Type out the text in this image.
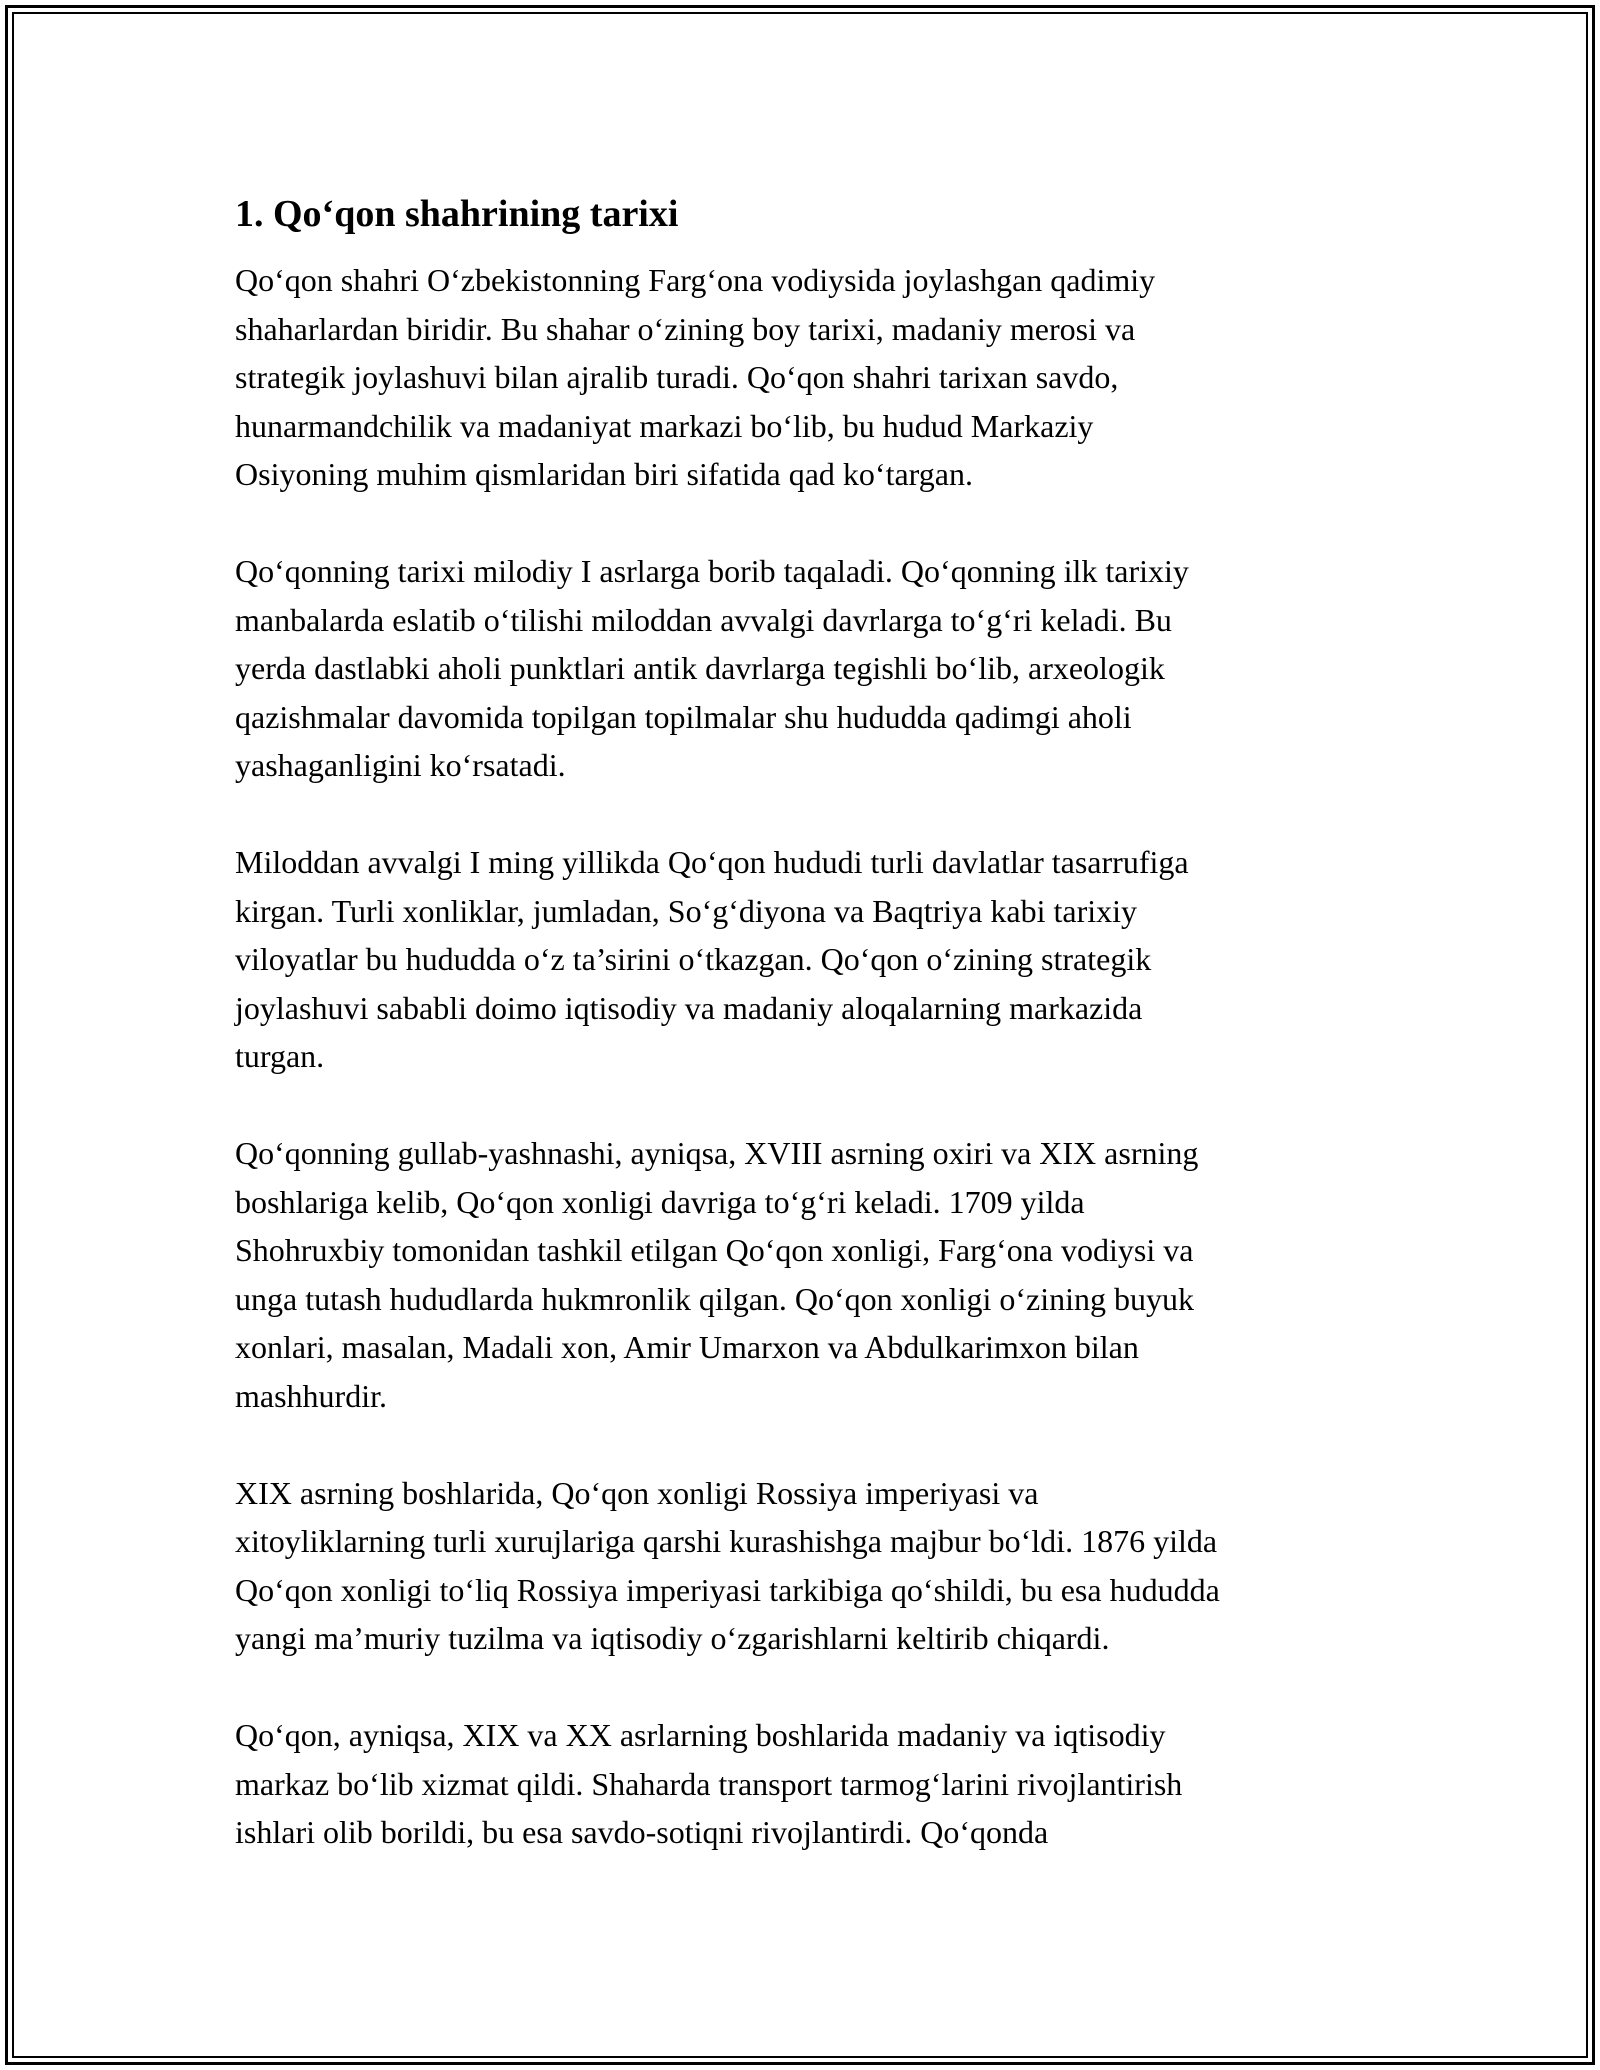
1. Qo‘qon shahrining tarixi

Qo‘qon shahri O‘zbekistonning Farg‘ona vodiysida joylashgan qadimiy
shaharlardan biridir. Bu shahar o‘zining boy tarixi, madaniy merosi va
strategik joylashuvi bilan ajralib turadi. Qo‘qon shahri tarixan savdo,
hunarmandchilik va madaniyat markazi bo‘lib, bu hudud Markaziy
Osiyoning muhim qismlaridan biri sifatida qad ko‘targan.

Qo‘qonning tarixi milodiy I asrlarga borib taqaladi. Qo‘qonning ilk tarixiy
manbalarda eslatib o‘tilishi miloddan avvalgi davrlarga to‘g‘ri keladi. Bu
yerda dastlabki aholi punktlari antik davrlarga tegishli bo‘lib, arxeologik
qazishmalar davomida topilgan topilmalar shu hududda qadimgi aholi
yashaganligini ko‘rsatadi.

Miloddan avvalgi I ming yillikda Qo‘qon hududi turli davlatlar tasarrufiga
kirgan. Turli xonliklar, jumladan, So‘g‘diyona va Baqtriya kabi tarixiy
viloyatlar bu hududda o‘z ta’sirini o‘tkazgan. Qo‘qon o‘zining strategik
joylashuvi sababli doimo iqtisodiy va madaniy aloqalarning markazida
turgan.

Qo‘qonning gullab-yashnashi, ayniqsa, XVIII asrning oxiri va XIX asrning
boshlariga kelib, Qo‘qon xonligi davriga to‘g‘ri keladi. 1709 yilda
Shohruxbiy tomonidan tashkil etilgan Qo‘qon xonligi, Farg‘ona vodiysi va
unga tutash hududlarda hukmronlik qilgan. Qo‘qon xonligi o‘zining buyuk
xonlari, masalan, Madali xon, Amir Umarxon va Abdulkarimxon bilan
mashhurdir.

XIX asrning boshlarida, Qo‘qon xonligi Rossiya imperiyasi va
xitoyliklarning turli xurujlariga qarshi kurashishga majbur bo‘ldi. 1876 yilda
Qo‘qon xonligi to‘liq Rossiya imperiyasi tarkibiga qo‘shildi, bu esa hududda
yangi ma’muriy tuzilma va iqtisodiy o‘zgarishlarni keltirib chiqardi.

Qo‘qon, ayniqsa, XIX va XX asrlarning boshlarida madaniy va iqtisodiy
markaz bo‘lib xizmat qildi. Shaharda transport tarmog‘larini rivojlantirish
ishlari olib borildi, bu esa savdo-sotiqni rivojlantirdi. Qo‘qonda
